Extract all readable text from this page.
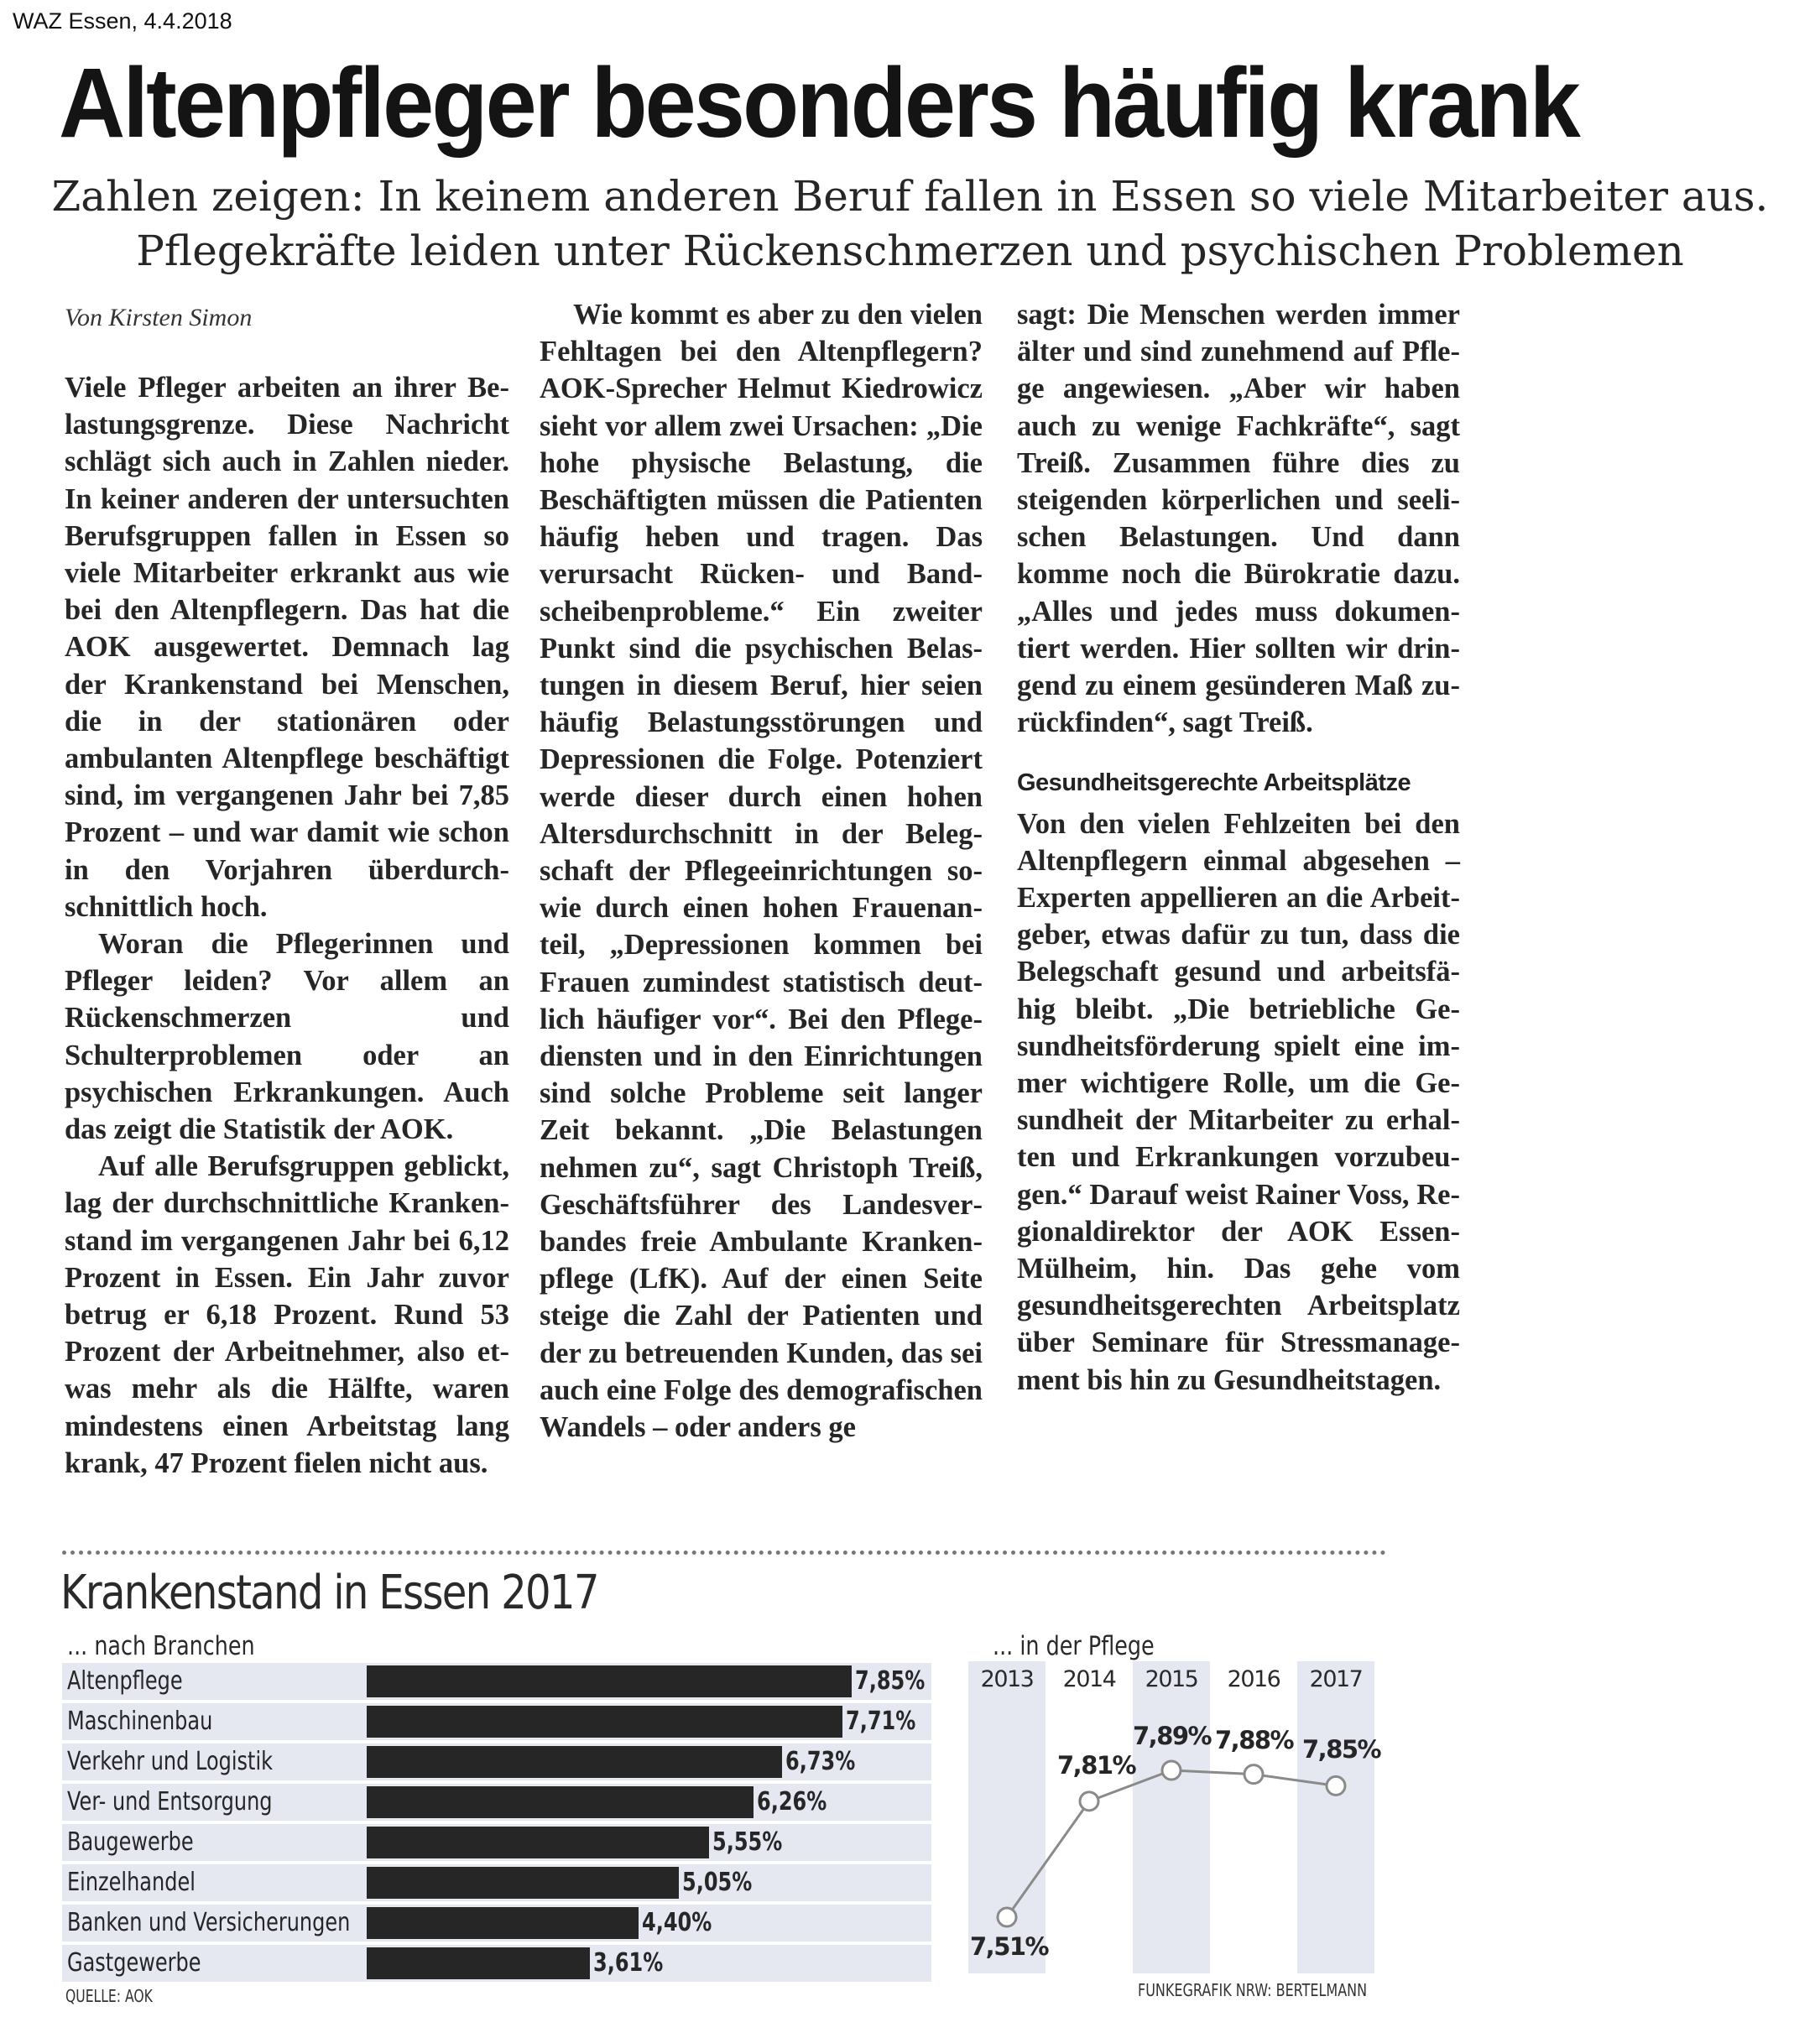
WAZ Essen, 4.4.2018
Altenpfleger besonders häufig krank
Zahlen zeigen: In keinem anderen Beruf fallen in Essen so viele Mitarbeiter aus.
Pflegekräfte leiden unter Rückenschmerzen und psychischen Problemen
Von Kirsten Simon

Viele Pfleger arbeiten an ihrer Belastungsgrenze. Diese Nachricht schlägt sich auch in Zahlen nieder. In keiner anderen der untersuchten Berufsgruppen fallen in Essen so viele Mitarbeiter erkrankt aus wie bei den Altenpflegern. Das hat die AOK ausgewertet. Demnach lag der Krankenstand bei Menschen, die in der stationären oder ambulanten Altenpflege beschäftigt sind, im vergangenen Jahr bei 7,85 Prozent – und war damit wie schon in den Vorjahren überdurchschnittlich hoch.

Woran die Pflegerinnen und Pfleger leiden? Vor allem an Rückenschmerzen und Schulterproblemen oder an psychischen Erkrankungen. Auch das zeigt die Statistik der AOK.

Auf alle Berufsgruppen geblickt, lag der durchschnittliche Krankenstand im vergangenen Jahr bei 6,12 Prozent in Essen. Ein Jahr zuvor betrug er 6,18 Prozent. Rund 53 Prozent der Arbeitnehmer, also etwas mehr als die Hälfte, waren mindestens einen Arbeitstag lang krank, 47 Prozent fielen nicht aus.

Wie kommt es aber zu den vielen Fehltagen bei den Altenpflegern? AOK-Sprecher Helmut Kiedrowicz sieht vor allem zwei Ursachen: „Die hohe physische Belastung, die Beschäftigten müssen die Patienten häufig heben und tragen. Das verursacht Rücken- und Bandscheibenprobleme.“ Ein zweiter Punkt sind die psychischen Belastungen in diesem Beruf, hier seien häufig Belastungsstörungen und Depressionen die Folge. Potenziert werde dieser durch einen hohen Altersdurchschnitt in der Belegschaft der Pflegeeinrichtungen sowie durch einen hohen Frauenanteil, „Depressionen kommen bei Frauen zumindest statistisch deutlich häufiger vor“. Bei den Pflegediensten und in den Einrichtungen sind solche Probleme seit langer Zeit bekannt. „Die Belastungen nehmen zu“, sagt Christoph Treiß, Geschäftsführer des Landesverbandes freie Ambulante Krankenpflege (LfK). Auf der einen Seite steige die Zahl der Patienten und der zu betreuenden Kunden, das sei auch eine Folge des demografischen Wandels – oder anders ge

sagt: Die Menschen werden immer älter und sind zunehmend auf Pflege angewiesen. „Aber wir haben auch zu wenige Fachkräfte“, sagt Treiß. Zusammen führe dies zu steigenden körperlichen und seelischen Belastungen. Und dann komme noch die Bürokratie dazu. „Alles und jedes muss dokumentiert werden. Hier sollten wir dringend zu einem gesünderen Maß zurückfinden“, sagt Treiß.

Gesundheitsgerechte Arbeitsplätze

Von den vielen Fehlzeiten bei den Altenpflegern einmal abgesehen – Experten appellieren an die Arbeitgeber, etwas dafür zu tun, dass die Belegschaft gesund und arbeitsfähig bleibt. „Die betriebliche Gesundheitsförderung spielt eine immer wichtigere Rolle, um die Gesundheit der Mitarbeiter zu erhalten und Erkrankungen vorzubeugen.“ Darauf weist Rainer Voss, Regionaldirektor der AOK Essen-Mülheim, hin. Das gehe vom gesundheitsgerechten Arbeitsplatz über Seminare für Stressmanagement bis hin zu Gesundheitstagen.

Krankenstand in Essen 2017
... nach Branchen	... in der Pflege
Altenpflege	7,85%
Maschinenbau	7,71%
Verkehr und Logistik	6,73%
Ver- und Entsorgung	6,26%
Baugewerbe	5,55%
Einzelhandel	5,05%
Banken und Versicherungen	4,40%
Gastgewerbe	3,61%
QUELLE: AOK
2013	2014	2015	2016	2017
7,51%
7,81%
7,89% 7,88% 7,85%
FUNKEGRAFIK NRW: BERTELMANN
